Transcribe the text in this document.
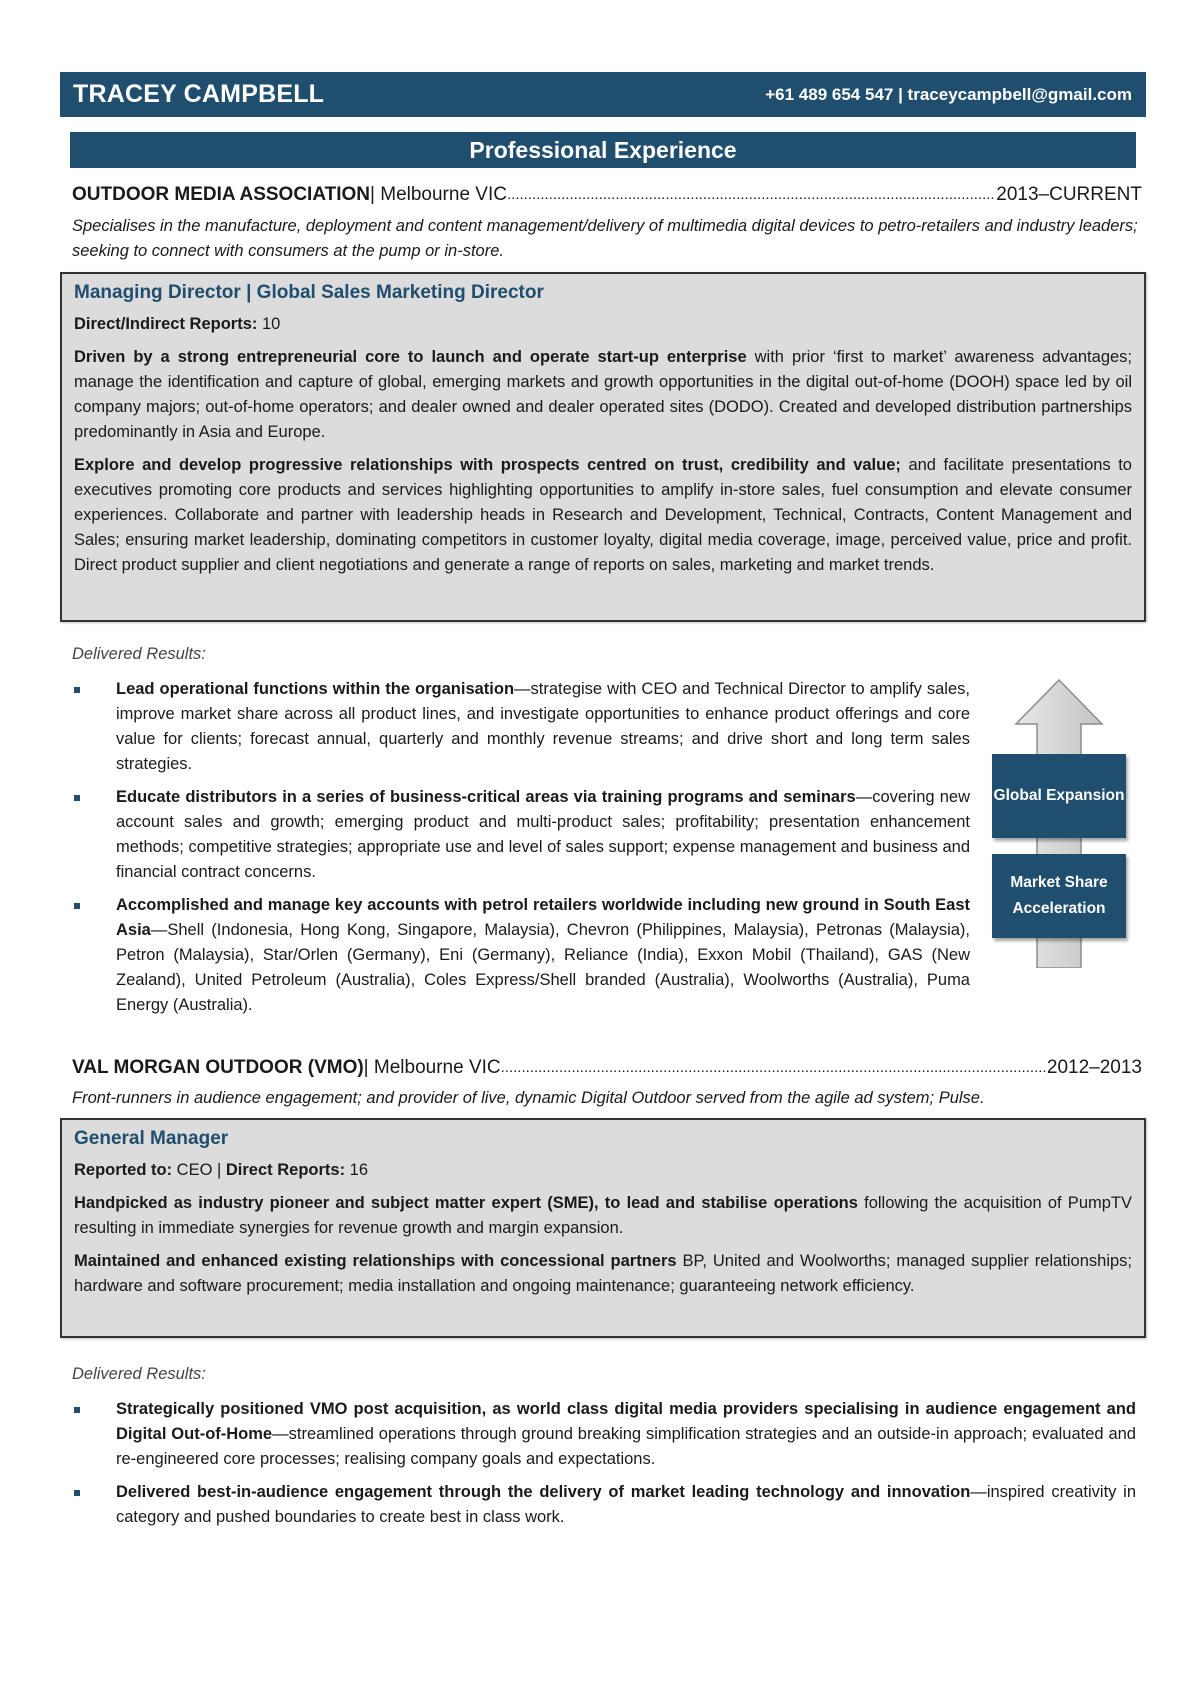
TRACEY CAMPBELL	+61 489 654 547 | traceycampbell@gmail.com
Professional Experience
OUTDOOR MEDIA ASSOCIATION | Melbourne VIC .....	2013–CURRENT
Specialises in the manufacture, deployment and content management/delivery of multimedia digital devices to petro-retailers and industry leaders; seeking to connect with consumers at the pump or in-store.
Managing Director | Global Sales Marketing Director

Direct/Indirect Reports: 10

Driven by a strong entrepreneurial core to launch and operate start-up enterprise with prior ‘first to market’ awareness advantages; manage the identification and capture of global, emerging markets and growth opportunities in the digital out-of-home (DOOH) space led by oil company majors; out-of-home operators; and dealer owned and dealer operated sites (DODO). Created and developed distribution partnerships predominantly in Asia and Europe.

Explore and develop progressive relationships with prospects centred on trust, credibility and value; and facilitate presentations to executives promoting core products and services highlighting opportunities to amplify in-store sales, fuel consumption and elevate consumer experiences. Collaborate and partner with leadership heads in Research and Development, Technical, Contracts, Content Management and Sales; ensuring market leadership, dominating competitors in customer loyalty, digital media coverage, image, perceived value, price and profit. Direct product supplier and client negotiations and generate a range of reports on sales, marketing and market trends.

Delivered Results:
Lead operational functions within the organisation—strategise with CEO and Technical Director to amplify sales, improve market share across all product lines, and investigate opportunities to enhance product offerings and core value for clients; forecast annual, quarterly and monthly revenue streams; and drive short and long term sales strategies.
Educate distributors in a series of business-critical areas via training programs and seminars—covering new account sales and growth; emerging product and multi-product sales; profitability; presentation enhancement methods; competitive strategies; appropriate use and level of sales support; expense management and business and financial contract concerns.
Accomplished and manage key accounts with petrol retailers worldwide including new ground in South East Asia—Shell (Indonesia, Hong Kong, Singapore, Malaysia), Chevron (Philippines, Malaysia), Petronas (Malaysia), Petron (Malaysia), Star/Orlen (Germany), Eni (Germany), Reliance (India), Exxon Mobil (Thailand), GAS (New Zealand), United Petroleum (Australia), Coles Express/Shell branded (Australia), Woolworths (Australia), Puma Energy (Australia).
Global Expansion
Market Share Acceleration
VAL MORGAN OUTDOOR (VMO) | Melbourne VIC .....	2012–2013
Front-runners in audience engagement; and provider of live, dynamic Digital Outdoor served from the agile ad system; Pulse.
General Manager

Reported to: CEO | Direct Reports: 16

Handpicked as industry pioneer and subject matter expert (SME), to lead and stabilise operations following the acquisition of PumpTV resulting in immediate synergies for revenue growth and margin expansion.

Maintained and enhanced existing relationships with concessional partners BP, United and Woolworths; managed supplier relationships; hardware and software procurement; media installation and ongoing maintenance; guaranteeing network efficiency.

Delivered Results:
Strategically positioned VMO post acquisition, as world class digital media providers specialising in audience engagement and Digital Out-of-Home—streamlined operations through ground breaking simplification strategies and an outside-in approach; evaluated and re-engineered core processes; realising company goals and expectations.
Delivered best-in-audience engagement through the delivery of market leading technology and innovation—inspired creativity in category and pushed boundaries to create best in class work.
